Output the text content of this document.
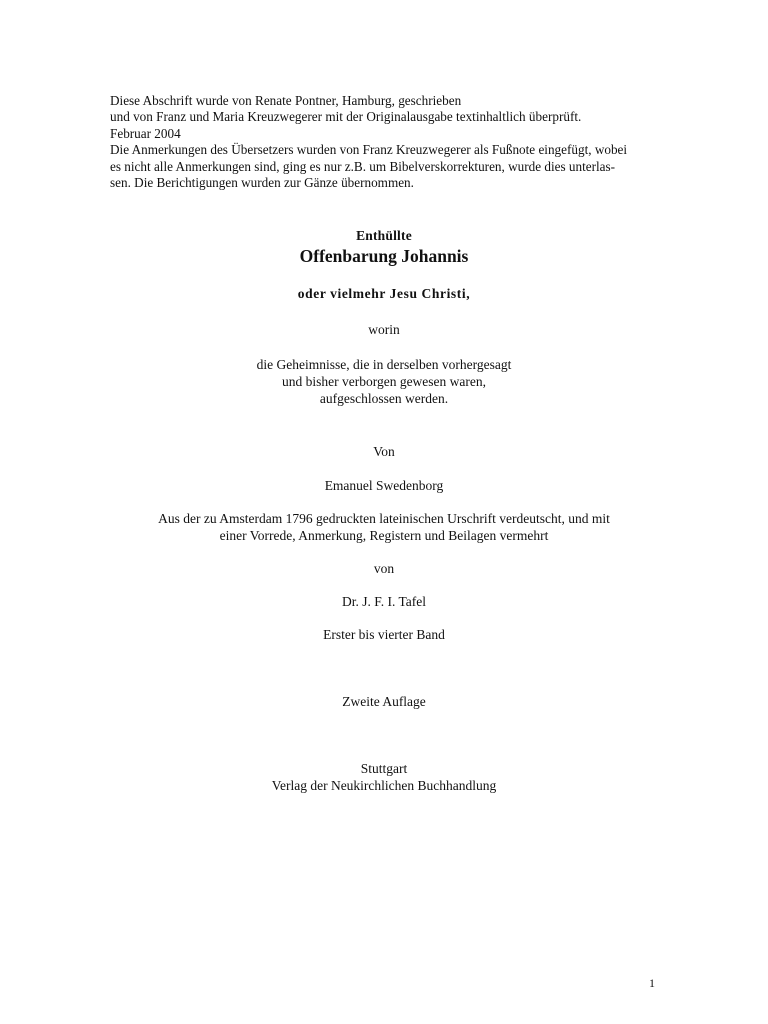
Diese Abschrift wurde von Renate Pontner, Hamburg, geschrieben
und von Franz und Maria Kreuzwegerer mit der Originalausgabe textinhaltlich überprüft.
Februar 2004
Die Anmerkungen des Übersetzers wurden von Franz Kreuzwegerer als Fußnote eingefügt, wobei
es nicht alle Anmerkungen sind, ging es nur z.B. um Bibelverskorrekturen, wurde dies unterlas-
sen. Die Berichtigungen wurden zur Gänze übernommen.
Enthüllte
Offenbarung Johannis
oder vielmehr Jesu Christi,
worin
die Geheimnisse, die in derselben vorhergesagt
und bisher verborgen gewesen waren,
aufgeschlossen werden.
Von
Emanuel Swedenborg
Aus der zu Amsterdam 1796 gedruckten lateinischen Urschrift verdeutscht, und mit
einer Vorrede, Anmerkung, Registern und Beilagen vermehrt
von
Dr. J. F. I. Tafel
Erster bis vierter Band
Zweite Auflage
Stuttgart
Verlag der Neukirchlichen Buchhandlung
1
